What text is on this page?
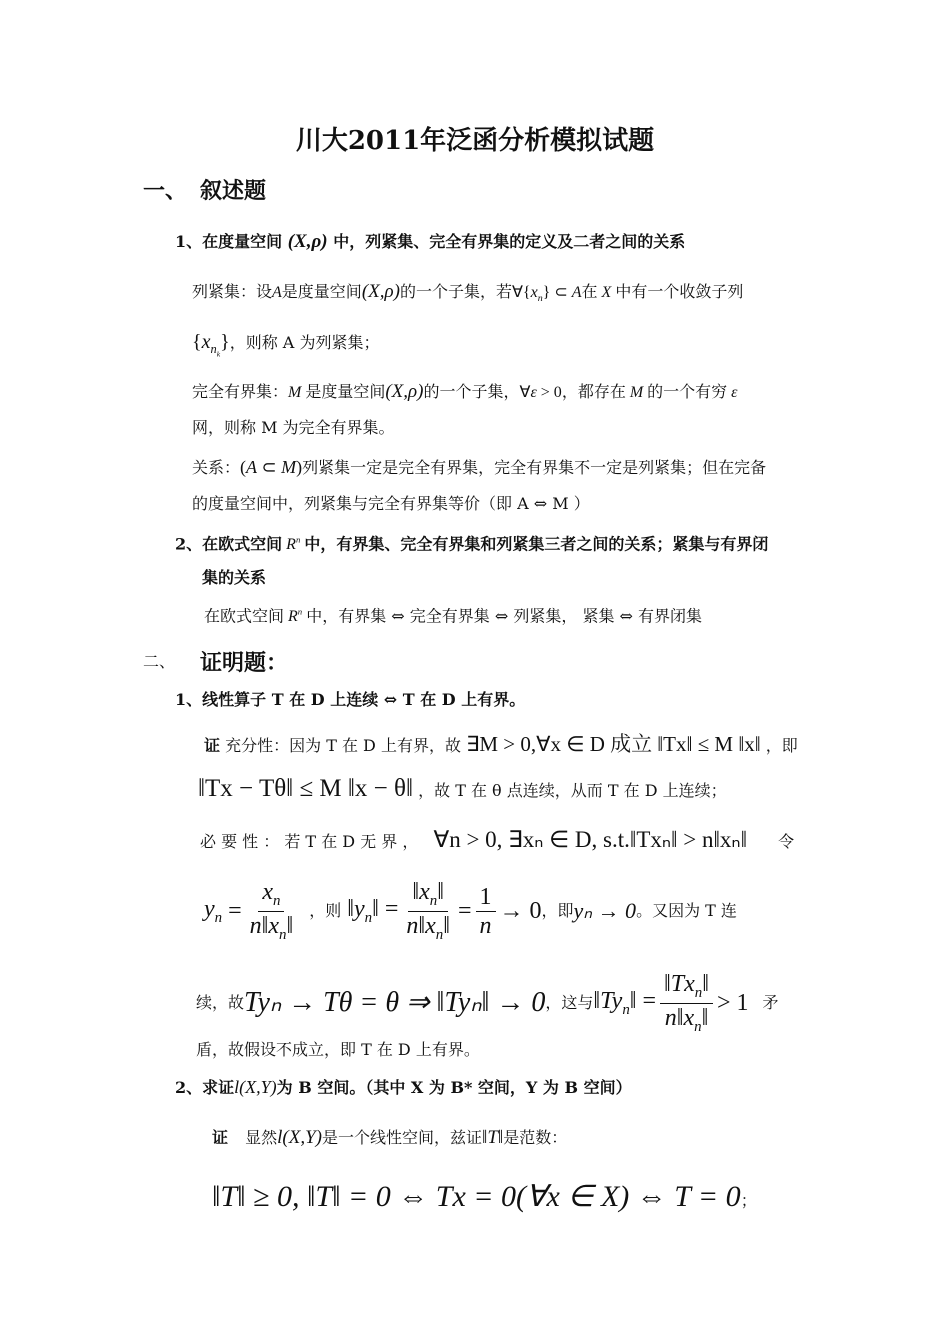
川大2011年泛函分析模拟试题
一、 叙述题
1、在度量空间 (X,ρ) 中，列紧集、完全有界集的定义及二者之间的关系
列紧集：设A是度量空间(X,ρ)的一个子集，若$\forall\{x_n\}$ ⊂ A在 X 中有一个收敛子列
$\{x_{n_k}\}$，则称 A 为列紧集；
完全有界集：M 是度量空间(X,ρ)的一个子集，∀ε > 0，都存在 M 的一个有穷 ε
网，则称 M 为完全有界集。
关系：(A ⊂ M)列紧集一定是完全有界集，完全有界集不一定是列紧集；但在完备
的度量空间中，列紧集与完全有界集等价（即 A ⇔ M ）
2、在欧式空间 $R^n$ 中，有界集、完全有界集和列紧集三者之间的关系；紧集与有界闭
集的关系
在欧式空间 $R^n$ 中，有界集 ⇔ 完全有界集 ⇔ 列紧集， 紧集 ⇔ 有界闭集
二、 证明题：
1、线性算子 T 在 D 上连续 ⇔ T 在 D 上有界。
证 充分性：因为 T 在 D 上有界，故 ∃M > 0,∀x ∈ D 成立 ‖Tx‖ ≤ M ‖x‖ ，即
‖Tx − Tθ‖ ≤ M ‖x − θ‖ ，故 T 在 θ 点连续，从而 T 在 D 上连续；
必 要 性 ： 若 T 在 D 无 界 ， ∀n > 0, ∃xₙ ∈ D, s.t.‖Txₙ‖ > n‖xₙ‖ 令
$y_n = \frac{x_n}{n‖x_n‖}$ ，则 $‖y_n‖ = \frac{‖x_n‖}{n‖x_n‖} = \frac{1}{n} \to 0$ ，即 yₙ → 0 。又因为 T 连
续，故 Tyₙ → Tθ = θ ⇒ ‖Tyₙ‖ → 0 ，这与 $‖Ty_n‖ = \frac{‖Tx_n‖}{n‖x_n‖} > 1$ 矛
盾，故假设不成立，即 T 在 D 上有界。
2、求证l(X,Y)为 B 空间。（其中 X 为 B* 空间，Y 为 B 空间）
证 显然l(X,Y)是一个线性空间，兹证‖T‖是范数：
‖T‖ ≥ 0, ‖T‖ = 0 ⇔ Tx = 0(∀x ∈ X) ⇔ T = 0；
